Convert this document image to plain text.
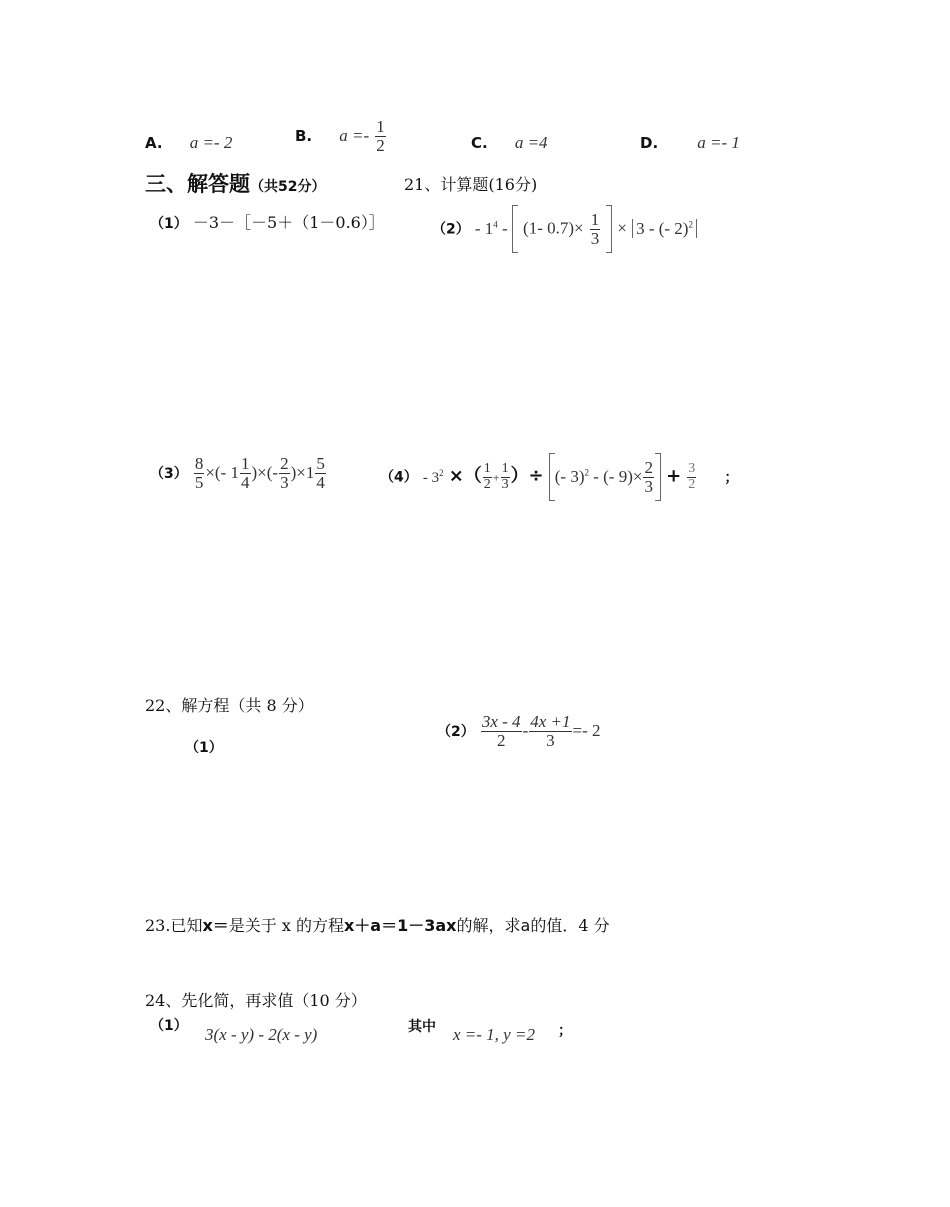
A. a =- 2	B. $a =- \frac{1}{2}$	C. a =4	D. a =- 1
三、解答题（共52分）	21、计算题(16分)
（1） －3－［－5＋（1－0.6）］	$(2) - 1^4 - (1-$ $0.7)\times \frac{1}{3} \times 3$ - (- 2)$^2$
$(3) \frac{8}{5}$ ×(- $1 \frac{1}{4}$ )×(- $\frac{2}{3} )\times 1 \frac{5}{4}$	$(4) - 3^2$ ×（ $\frac{1}{2} + \frac{1}{3}$ ）÷ (- 3)$^2$ - (- $9)\times \frac{2}{3} + \frac{3}{2}$ ；
22、解方程（共 8 分）
（1）
$(2) \frac{3x - 4}{2} - \frac{4x +1}{3} =- 2$
23.已知x＝是关于 x 的方程x＋a＝1－3ax的解，求a的值．4 分
24、先化简，再求值（10 分）
（1） 3(x - y) - 2(x - y)	其中 x =- 1, y =2 ；
